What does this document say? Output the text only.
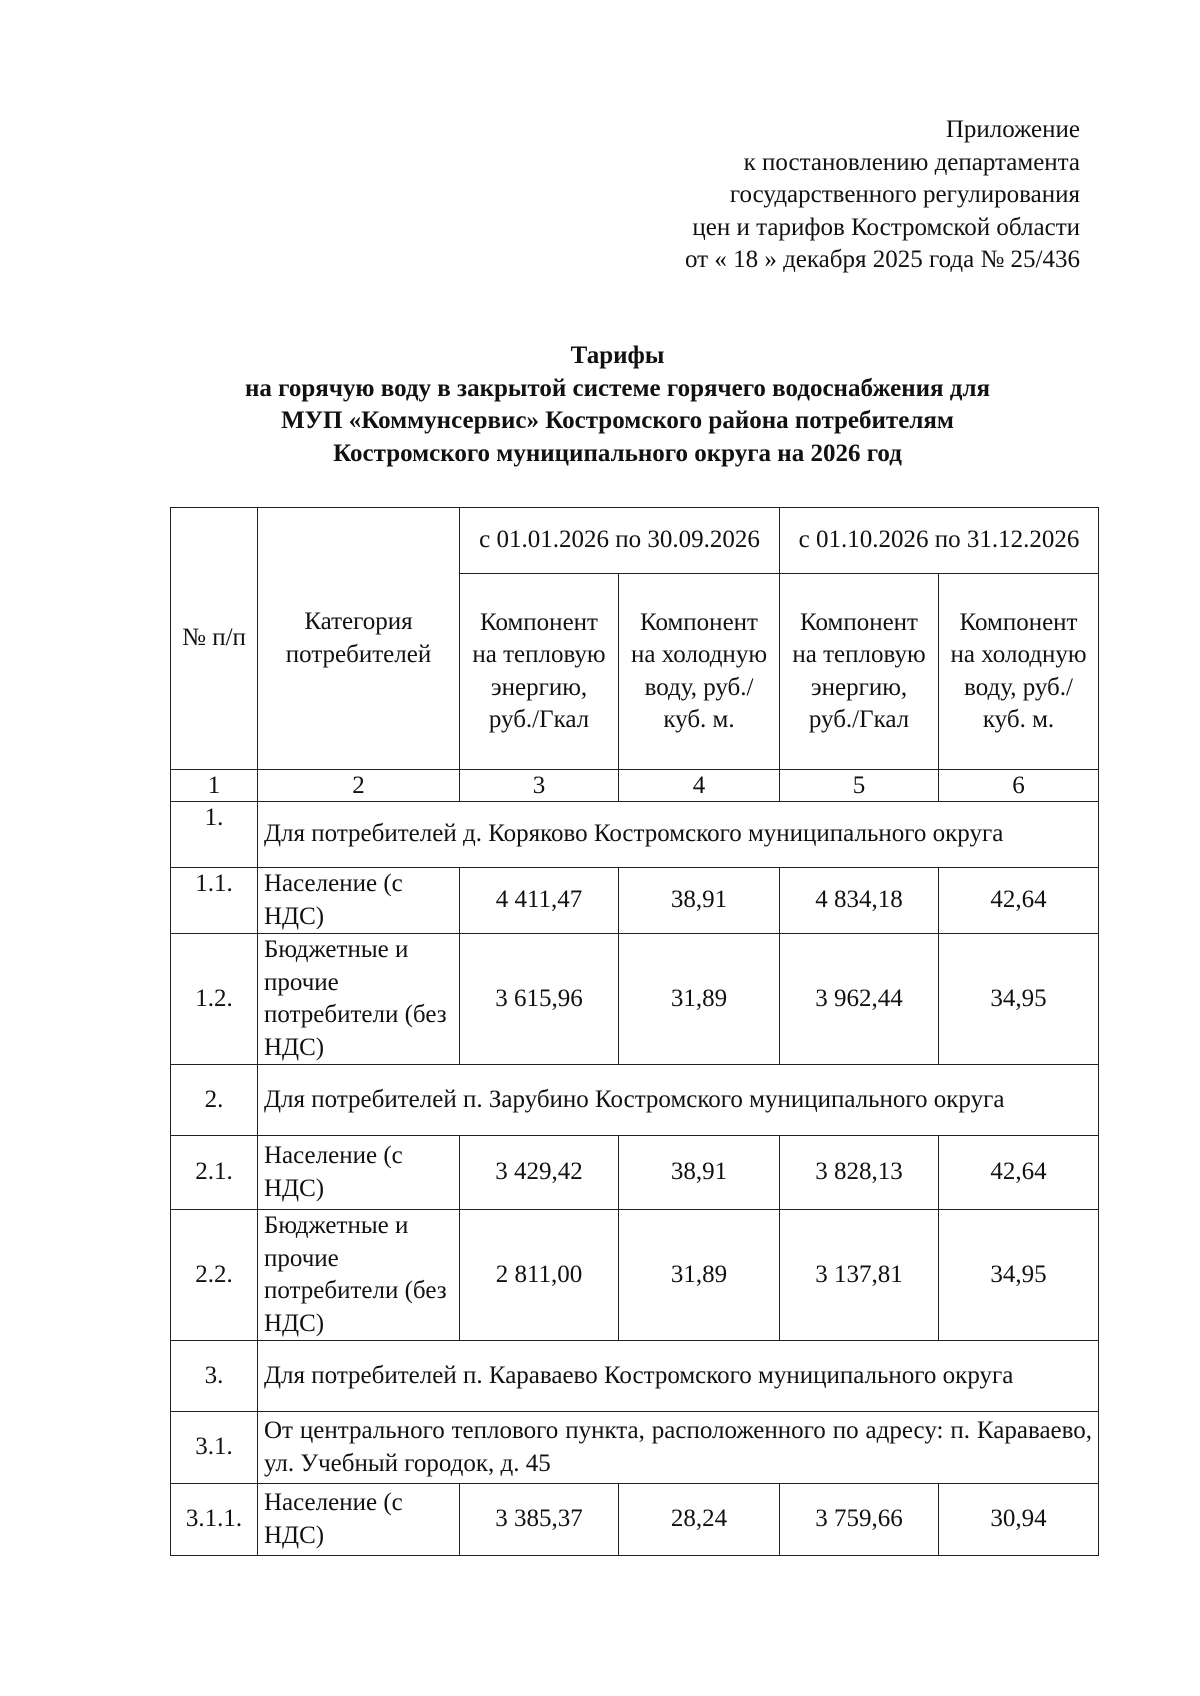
Приложение
к постановлению департамента
государственного регулирования
цен и тарифов Костромской области
от « 18 » декабря 2025 года № 25/436
Тарифы
на горячую воду в закрытой системе горячего водоснабжения для
МУП «Коммунсервис» Костромского района потребителям
Костромского муниципального округа на 2026 год
№ п/п	Категория потребителей	с 01.01.2026 по 30.09.2026		с 01.10.2026 по 31.12.2026	
		Компонент на тепловую энергию, руб./Гкал	Компонент на холодную воду, руб./куб. м.	Компонент на тепловую энергию, руб./Гкал	Компонент на холодную воду, руб./куб. м.
1	2	3	4	5	6
1.	Для потребителей д. Коряково Костромского муниципального округа				
1.1.	Население (с НДС)	4 411,47	38,91	4 834,18	42,64
1.2.	Бюджетные и прочие потребители (без НДС)	3 615,96	31,89	3 962,44	34,95
2.	Для потребителей п. Зарубино Костромского муниципального округа				
2.1.	Население (с НДС)	3 429,42	38,91	3 828,13	42,64
2.2.	Бюджетные и прочие потребители (без НДС)	2 811,00	31,89	3 137,81	34,95
3.	Для потребителей п. Караваево Костромского муниципального округа				
3.1.	От центрального теплового пункта, расположенного по адресу: п. Караваево, ул. Учебный городок, д. 45				
3.1.1.	Население (с НДС)	3 385,37	28,24	3 759,66	30,94
